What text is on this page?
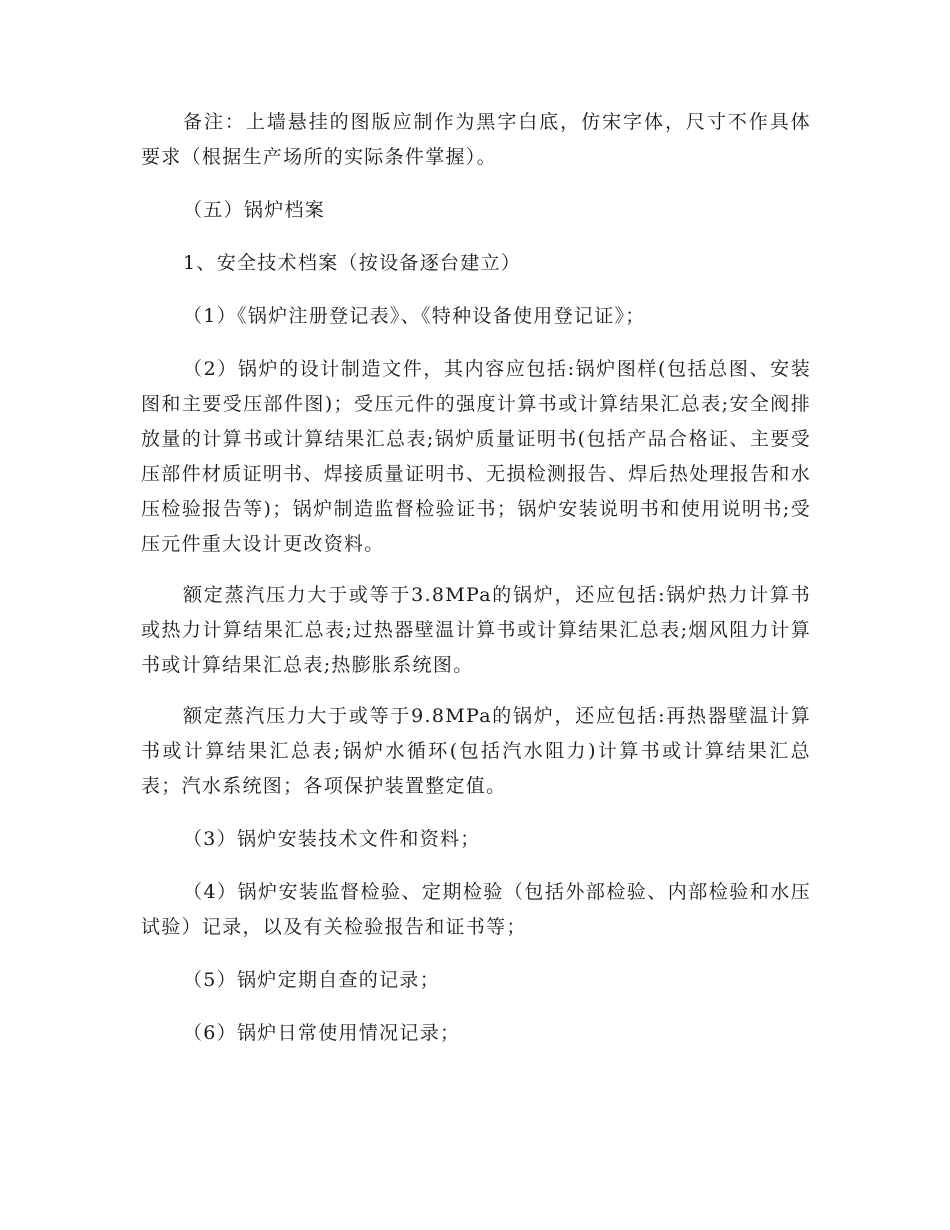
备注：上墙悬挂的图版应制作为黑字白底，仿宋字体，尺寸不作具体要求（根据生产场所的实际条件掌握）。

（五）锅炉档案

1、安全技术档案（按设备逐台建立）

（1）《锅炉注册登记表》、《特种设备使用登记证》；

（2）锅炉的设计制造文件，其内容应包括:锅炉图样(包括总图、安装图和主要受压部件图)；受压元件的强度计算书或计算结果汇总表;安全阀排放量的计算书或计算结果汇总表;锅炉质量证明书(包括产品合格证、主要受压部件材质证明书、焊接质量证明书、无损检测报告、焊后热处理报告和水压检验报告等)；锅炉制造监督检验证书；锅炉安装说明书和使用说明书;受压元件重大设计更改资料。

额定蒸汽压力大于或等于3.8MPa的锅炉，还应包括:锅炉热力计算书或热力计算结果汇总表;过热器壁温计算书或计算结果汇总表;烟风阻力计算书或计算结果汇总表;热膨胀系统图。

额定蒸汽压力大于或等于9.8MPa的锅炉，还应包括:再热器壁温计算书或计算结果汇总表;锅炉水循环(包括汽水阻力)计算书或计算结果汇总表；汽水系统图；各项保护装置整定值。

（3）锅炉安装技术文件和资料；

（4）锅炉安装监督检验、定期检验（包括外部检验、内部检验和水压试验）记录，以及有关检验报告和证书等；

（5）锅炉定期自查的记录；

（6）锅炉日常使用情况记录；
